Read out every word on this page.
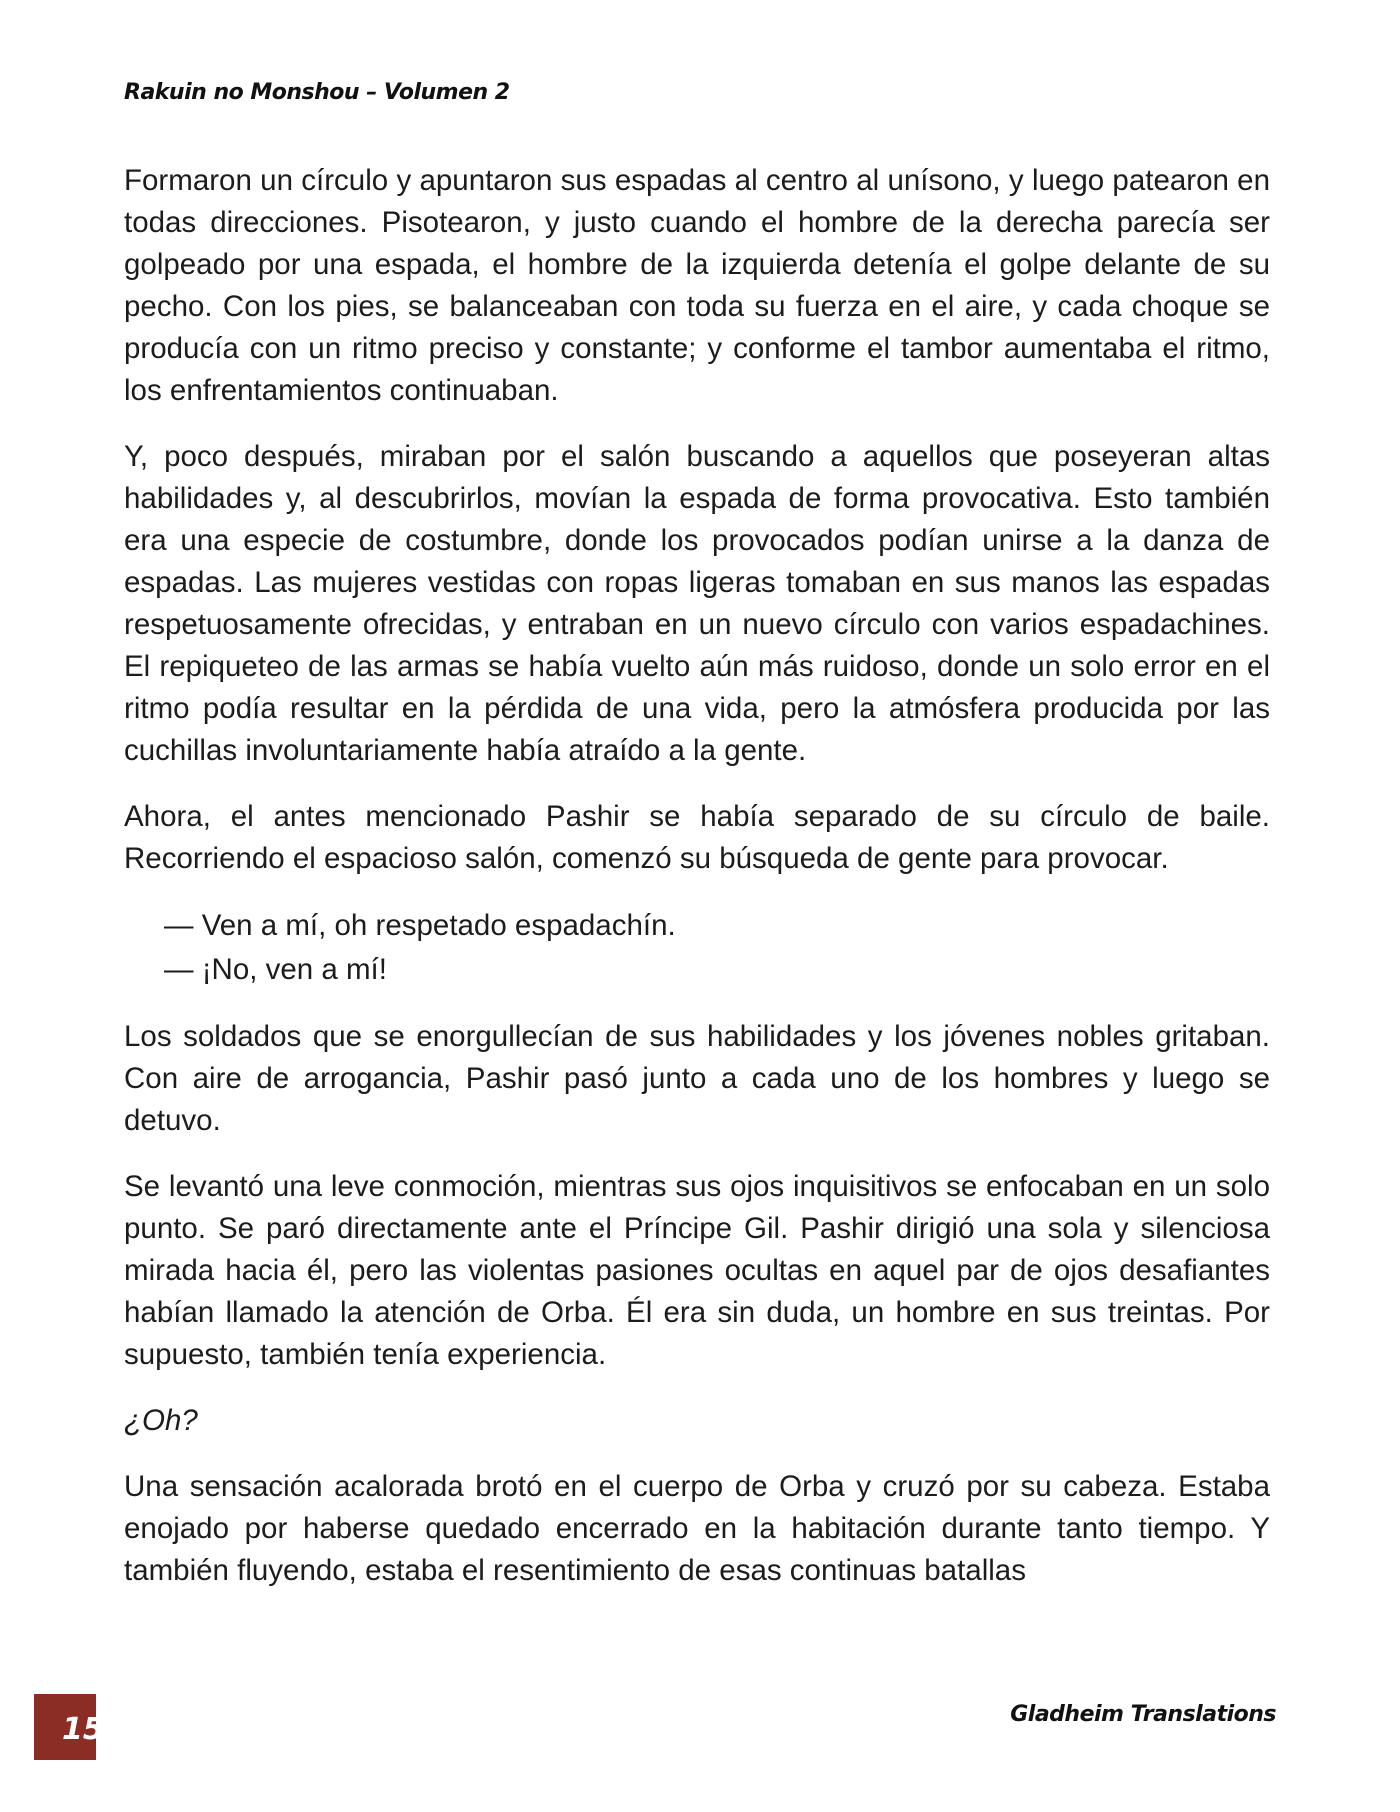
Rakuin no Monshou – Volumen 2

Formaron un círculo y apuntaron sus espadas al centro al unísono, y luego patearon en todas direcciones. Pisotearon, y justo cuando el hombre de la derecha parecía ser golpeado por una espada, el hombre de la izquierda detenía el golpe delante de su pecho. Con los pies, se balanceaban con toda su fuerza en el aire, y cada choque se producía con un ritmo preciso y constante; y conforme el tambor aumentaba el ritmo, los enfrentamientos continuaban.

Y, poco después, miraban por el salón buscando a aquellos que poseyeran altas habilidades y, al descubrirlos, movían la espada de forma provocativa. Esto también era una especie de costumbre, donde los provocados podían unirse a la danza de espadas. Las mujeres vestidas con ropas ligeras tomaban en sus manos las espadas respetuosamente ofrecidas, y entraban en un nuevo círculo con varios espadachines. El repiqueteo de las armas se había vuelto aún más ruidoso, donde un solo error en el ritmo podía resultar en la pérdida de una vida, pero la atmósfera producida por las cuchillas involuntariamente había atraído a la gente.

Ahora, el antes mencionado Pashir se había separado de su círculo de baile. Recorriendo el espacioso salón, comenzó su búsqueda de gente para provocar.

— Ven a mí, oh respetado espadachín.
— ¡No, ven a mí!

Los soldados que se enorgullecían de sus habilidades y los jóvenes nobles gritaban. Con aire de arrogancia, Pashir pasó junto a cada uno de los hombres y luego se detuvo.

Se levantó una leve conmoción, mientras sus ojos inquisitivos se enfocaban en un solo punto. Se paró directamente ante el Príncipe Gil. Pashir dirigió una sola y silenciosa mirada hacia él, pero las violentas pasiones ocultas en aquel par de ojos desafiantes habían llamado la atención de Orba. Él era sin duda, un hombre en sus treintas. Por supuesto, también tenía experiencia.

¿Oh?

Una sensación acalorada brotó en el cuerpo de Orba y cruzó por su cabeza. Estaba enojado por haberse quedado encerrado en la habitación durante tanto tiempo. Y también fluyendo, estaba el resentimiento de esas continuas batallas

15	Gladheim Translations
